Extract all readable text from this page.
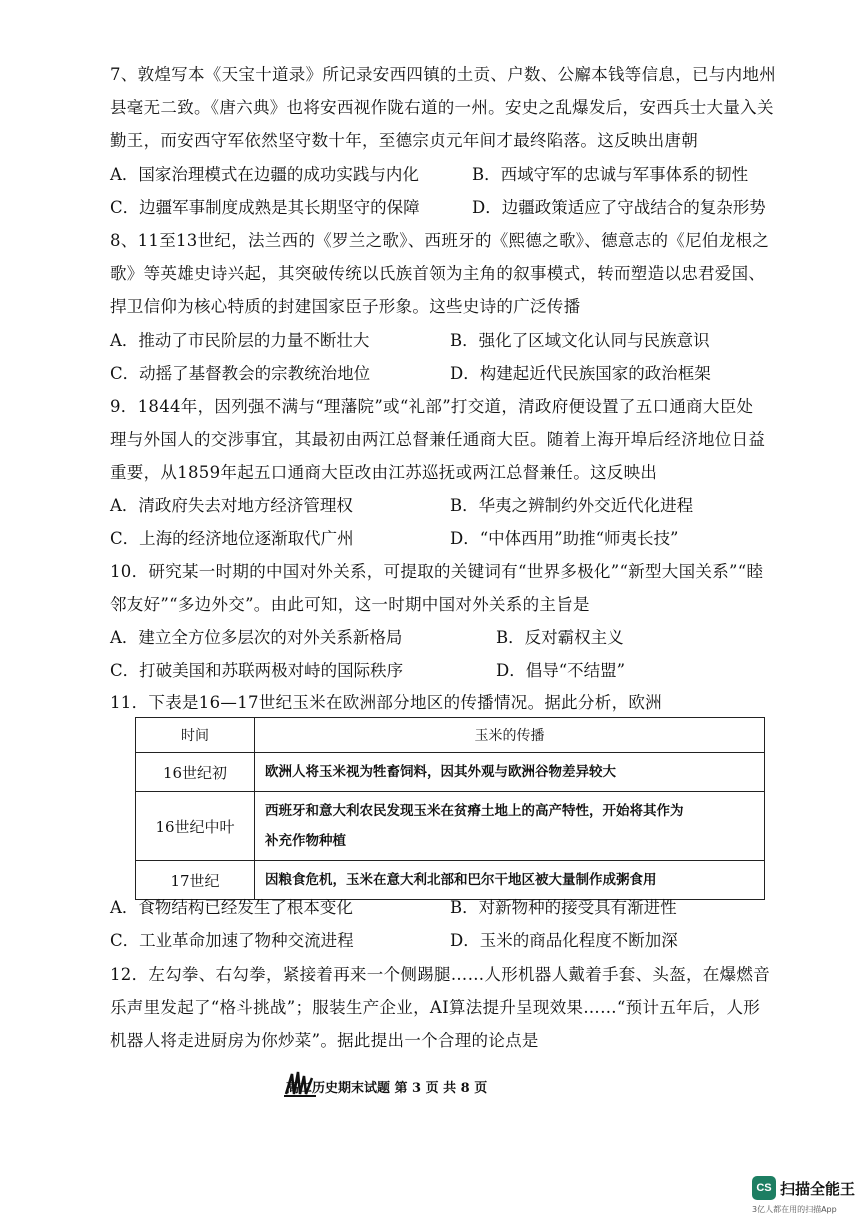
7、敦煌写本《天宝十道录》所记录安西四镇的土贡、户数、公廨本钱等信息，已与内地州
县毫无二致。《唐六典》也将安西视作陇右道的一州。安史之乱爆发后，安西兵士大量入关
勤王，而安西守军依然坚守数十年，至德宗贞元年间才最终陷落。这反映出唐朝
A．国家治理模式在边疆的成功实践与内化	B．西域守军的忠诚与军事体系的韧性
C．边疆军事制度成熟是其长期坚守的保障	D．边疆政策适应了守战结合的复杂形势
8、11至13世纪，法兰西的《罗兰之歌》、西班牙的《熙德之歌》、德意志的《尼伯龙根之
歌》等英雄史诗兴起，其突破传统以氏族首领为主角的叙事模式，转而塑造以忠君爱国、
捍卫信仰为核心特质的封建国家臣子形象。这些史诗的广泛传播
A．推动了市民阶层的力量不断壮大	B．强化了区域文化认同与民族意识
C．动摇了基督教会的宗教统治地位	D．构建起近代民族国家的政治框架
9．1844年，因列强不满与“理藩院”或“礼部”打交道，清政府便设置了五口通商大臣处
理与外国人的交涉事宜，其最初由两江总督兼任通商大臣。随着上海开埠后经济地位日益
重要，从1859年起五口通商大臣改由江苏巡抚或两江总督兼任。这反映出
A．清政府失去对地方经济管理权	B．华夷之辨制约外交近代化进程
C．上海的经济地位逐渐取代广州	D．“中体西用”助推“师夷长技”
10．研究某一时期的中国对外关系，可提取的关键词有“世界多极化”“新型大国关系”“睦
邻友好”“多边外交”。由此可知，这一时期中国对外关系的主旨是
A．建立全方位多层次的对外关系新格局	B．反对霸权主义
C．打破美国和苏联两极对峙的国际秩序	D．倡导“不结盟”
11．下表是16—17世纪玉米在欧洲部分地区的传播情况。据此分析，欧洲
时间	玉米的传播
16世纪初	欧洲人将玉米视为牲畜饲料，因其外观与欧洲谷物差异较大

16世纪中叶	西班牙和意大利农民发现玉米在贫瘠土地上的高产特性，开始将其作为
补充作物种植

17世纪	因粮食危机，玉米在意大利北部和巴尔干地区被大量制作成粥食用
A．食物结构已经发生了根本变化	B．对新物种的接受具有渐进性
C．工业革命加速了物种交流进程	D．玉米的商品化程度不断加深
12．左勾拳、右勾拳，紧接着再来一个侧踢腿……人形机器人戴着手套、头盔，在爆燃音
乐声里发起了“格斗挑战”；服装生产企业，AI算法提升呈现效果……“预计五年后，人形
机器人将走进厨房为你炒菜”。据此提出一个合理的论点是
高二历史期末试题 第 3 页 共 8 页
CS 扫描全能王
3亿人都在用的扫描App
